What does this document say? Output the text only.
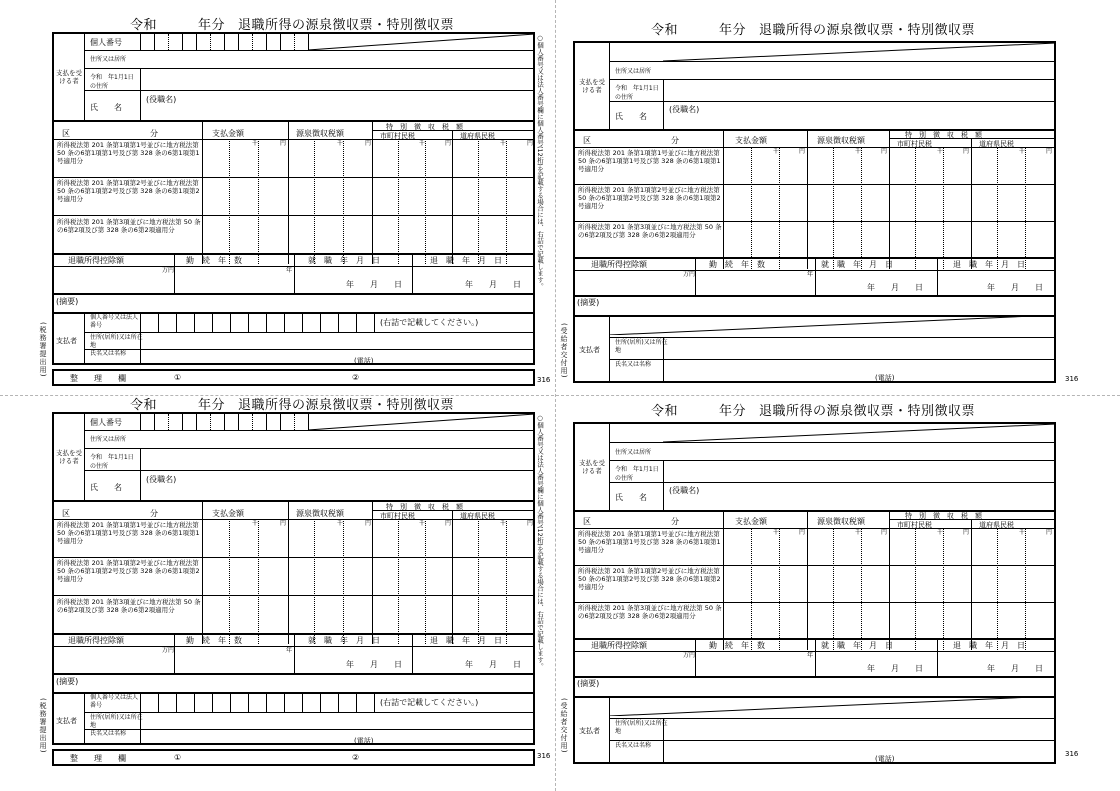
令和	年分 退職所得の源泉徴収票・特別徴収票
支払を受ける者
個人番号
住所又は居所
令和　年1月1日の住所
氏　　名
(役職名)
区　　　　　　　　　　分	支払金額	源泉徴収税額
特　別　徴　収　税　額
市町村民税	道府県民税
千	円	千	円	千	円	千	円
所得税法第 201 条第1項第1号並びに地方税法第 50 条の6第1項第1号及び第 328 条の6第1項第1号適用分
所得税法第 201 条第1項第2号並びに地方税法第 50 条の6第1項第2号及び第 328 条の6第1項第2号適用分
所得税法第 201 条第3項並びに地方税法第 50 条の6第2項及び第 328 条の6第2項適用分
退職所得控除額	勤　続　年　数	就　職　年　月　日	退　職　年　月　日
万円	年
年　　月　　日	年　　月　　日
(摘要)
支払者
個人番号又は法人番号	(右詰で記載してください。)
住所(居所)又は所在地
氏名又は名称
(電話)
整　　理　　欄	①	②	316
(税務署提出用)
○個人番号又は法人番号欄に個人番号(12桁)を記載する場合には、右詰で記載します。
令和	年分 退職所得の源泉徴収票・特別徴収票
支払を受ける者
個人番号
住所又は居所
令和　年1月1日の住所
氏　　名
(役職名)
区　　　　　　　　　　分	支払金額	源泉徴収税額
特　別　徴　収　税　額
市町村民税	道府県民税
千	円	千	円	千	円	千	円
所得税法第 201 条第1項第1号並びに地方税法第 50 条の6第1項第1号及び第 328 条の6第1項第1号適用分
所得税法第 201 条第1項第2号並びに地方税法第 50 条の6第1項第2号及び第 328 条の6第1項第2号適用分
所得税法第 201 条第3項並びに地方税法第 50 条の6第2項及び第 328 条の6第2項適用分
退職所得控除額	勤　続　年　数	就　職　年　月　日	退　職　年　月　日
万円	年
年　　月　　日	年　　月　　日
(摘要)
支払者
個人番号又は法人番号	(右詰で記載してください。)
住所(居所)又は所在地
氏名又は名称
(電話)
整　　理　　欄	①	②	316
(税務署提出用)
○個人番号又は法人番号欄に個人番号(12桁)を記載する場合には、右詰で記載します。
令和	年分 退職所得の源泉徴収票・特別徴収票
支払を受ける者
住所又は居所
令和　年1月1日の住所
氏　　名
(役職名)
区　　　　　　　　　　分	支払金額	源泉徴収税額
特　別　徴　収　税　額
市町村民税	道府県民税
千	円	千	円	千	円	千	円
所得税法第 201 条第1項第1号並びに地方税法第 50 条の6第1項第1号及び第 328 条の6第1項第1号適用分
所得税法第 201 条第1項第2号並びに地方税法第 50 条の6第1項第2号及び第 328 条の6第1項第2号適用分
所得税法第 201 条第3項並びに地方税法第 50 条の6第2項及び第 328 条の6第2項適用分
退職所得控除額	勤　続　年　数	就　職　年　月　日	退　職　年　月　日
万円	年
年　　月　　日	年　　月　　日
(摘要)
支払者
住所(居所)又は所在地
氏名又は名称
(電話)	316
(受給者交付用)
令和	年分 退職所得の源泉徴収票・特別徴収票
支払を受ける者
住所又は居所
令和　年1月1日の住所
氏　　名
(役職名)
区　　　　　　　　　　分	支払金額	源泉徴収税額
特　別　徴　収　税　額
市町村民税	道府県民税
千	円	千	円	千	円	千	円
所得税法第 201 条第1項第1号並びに地方税法第 50 条の6第1項第1号及び第 328 条の6第1項第1号適用分
所得税法第 201 条第1項第2号並びに地方税法第 50 条の6第1項第2号及び第 328 条の6第1項第2号適用分
所得税法第 201 条第3項並びに地方税法第 50 条の6第2項及び第 328 条の6第2項適用分
退職所得控除額	勤　続　年　数	就　職　年　月　日	退　職　年　月　日
万円	年
年　　月　　日	年　　月　　日
(摘要)
支払者
住所(居所)又は所在地
氏名又は名称
(電話)
316
(受給者交付用)
